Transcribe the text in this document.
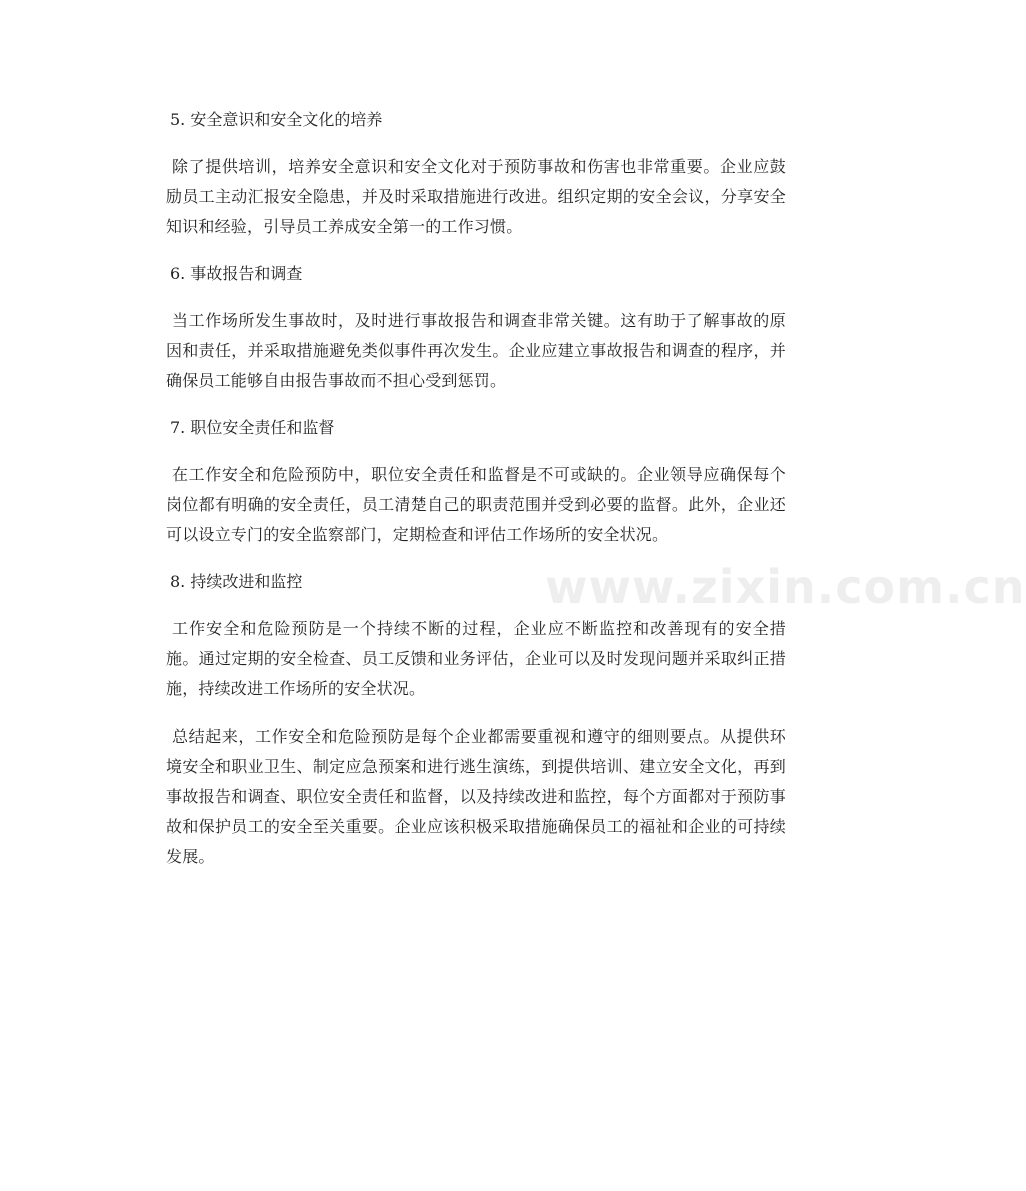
5. 安全意识和安全文化的培养

除了提供培训，培养安全意识和安全文化对于预防事故和伤害也非常重要。企业应鼓励员工主动汇报安全隐患，并及时采取措施进行改进。组织定期的安全会议，分享安全知识和经验，引导员工养成安全第一的工作习惯。

6. 事故报告和调查

当工作场所发生事故时，及时进行事故报告和调查非常关键。这有助于了解事故的原因和责任，并采取措施避免类似事件再次发生。企业应建立事故报告和调查的程序，并确保员工能够自由报告事故而不担心受到惩罚。

7. 职位安全责任和监督

在工作安全和危险预防中，职位安全责任和监督是不可或缺的。企业领导应确保每个岗位都有明确的安全责任，员工清楚自己的职责范围并受到必要的监督。此外，企业还可以设立专门的安全监察部门，定期检查和评估工作场所的安全状况。

8. 持续改进和监控

工作安全和危险预防是一个持续不断的过程，企业应不断监控和改善现有的安全措施。通过定期的安全检查、员工反馈和业务评估，企业可以及时发现问题并采取纠正措施，持续改进工作场所的安全状况。

总结起来，工作安全和危险预防是每个企业都需要重视和遵守的细则要点。从提供环境安全和职业卫生、制定应急预案和进行逃生演练，到提供培训、建立安全文化，再到事故报告和调查、职位安全责任和监督，以及持续改进和监控，每个方面都对于预防事故和保护员工的安全至关重要。企业应该积极采取措施确保员工的福祉和企业的可持续发展。

www.zixin.com.cn
